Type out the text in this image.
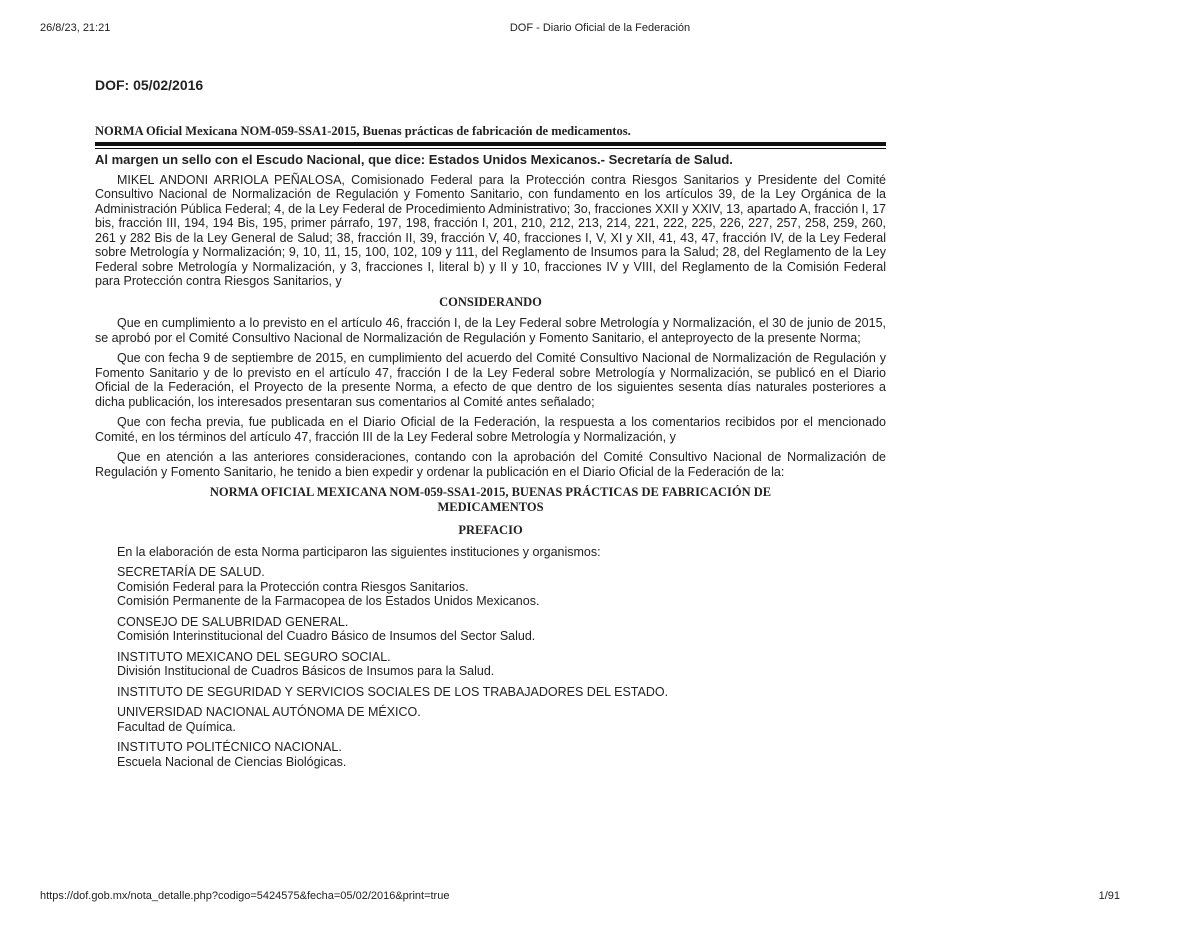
26/8/23, 21:21	DOF - Diario Oficial de la Federación
DOF: 05/02/2016
NORMA Oficial Mexicana NOM-059-SSA1-2015, Buenas prácticas de fabricación de medicamentos.
Al margen un sello con el Escudo Nacional, que dice: Estados Unidos Mexicanos.- Secretaría de Salud.

MIKEL ANDONI ARRIOLA PEÑALOSA, Comisionado Federal para la Protección contra Riesgos Sanitarios y Presidente del Comité Consultivo Nacional de Normalización de Regulación y Fomento Sanitario, con fundamento en los artículos 39, de la Ley Orgánica de la Administración Pública Federal; 4, de la Ley Federal de Procedimiento Administrativo; 3o, fracciones XXII y XXIV, 13, apartado A, fracción I, 17 bis, fracción III, 194, 194 Bis, 195, primer párrafo, 197, 198, fracción I, 201, 210, 212, 213, 214, 221, 222, 225, 226, 227, 257, 258, 259, 260, 261 y 282 Bis de la Ley General de Salud; 38, fracción II, 39, fracción V, 40, fracciones I, V, XI y XII, 41, 43, 47, fracción IV, de la Ley Federal sobre Metrología y Normalización; 9, 10, 11, 15, 100, 102, 109 y 111, del Reglamento de Insumos para la Salud; 28, del Reglamento de la Ley Federal sobre Metrología y Normalización, y 3, fracciones I, literal b) y II y 10, fracciones IV y VIII, del Reglamento de la Comisión Federal para Protección contra Riesgos Sanitarios, y

CONSIDERANDO

Que en cumplimiento a lo previsto en el artículo 46, fracción I, de la Ley Federal sobre Metrología y Normalización, el 30 de junio de 2015, se aprobó por el Comité Consultivo Nacional de Normalización de Regulación y Fomento Sanitario, el anteproyecto de la presente Norma;

Que con fecha 9 de septiembre de 2015, en cumplimiento del acuerdo del Comité Consultivo Nacional de Normalización de Regulación y Fomento Sanitario y de lo previsto en el artículo 47, fracción I de la Ley Federal sobre Metrología y Normalización, se publicó en el Diario Oficial de la Federación, el Proyecto de la presente Norma, a efecto de que dentro de los siguientes sesenta días naturales posteriores a dicha publicación, los interesados presentaran sus comentarios al Comité antes señalado;

Que con fecha previa, fue publicada en el Diario Oficial de la Federación, la respuesta a los comentarios recibidos por el mencionado Comité, en los términos del artículo 47, fracción III de la Ley Federal sobre Metrología y Normalización, y

Que en atención a las anteriores consideraciones, contando con la aprobación del Comité Consultivo Nacional de Normalización de Regulación y Fomento Sanitario, he tenido a bien expedir y ordenar la publicación en el Diario Oficial de la Federación de la:

NORMA OFICIAL MEXICANA NOM-059-SSA1-2015, BUENAS PRÁCTICAS DE FABRICACIÓN DE MEDICAMENTOS
PREFACIO
En la elaboración de esta Norma participaron las siguientes instituciones y organismos:
SECRETARÍA DE SALUD.
Comisión Federal para la Protección contra Riesgos Sanitarios.
Comisión Permanente de la Farmacopea de los Estados Unidos Mexicanos.
CONSEJO DE SALUBRIDAD GENERAL.
Comisión Interinstitucional del Cuadro Básico de Insumos del Sector Salud.
INSTITUTO MEXICANO DEL SEGURO SOCIAL.
División Institucional de Cuadros Básicos de Insumos para la Salud.
INSTITUTO DE SEGURIDAD Y SERVICIOS SOCIALES DE LOS TRABAJADORES DEL ESTADO.
UNIVERSIDAD NACIONAL AUTÓNOMA DE MÉXICO.
Facultad de Química.
INSTITUTO POLITÉCNICO NACIONAL.
Escuela Nacional de Ciencias Biológicas.
https://dof.gob.mx/nota_detalle.php?codigo=5424575&fecha=05/02/2016&print=true	1/91
